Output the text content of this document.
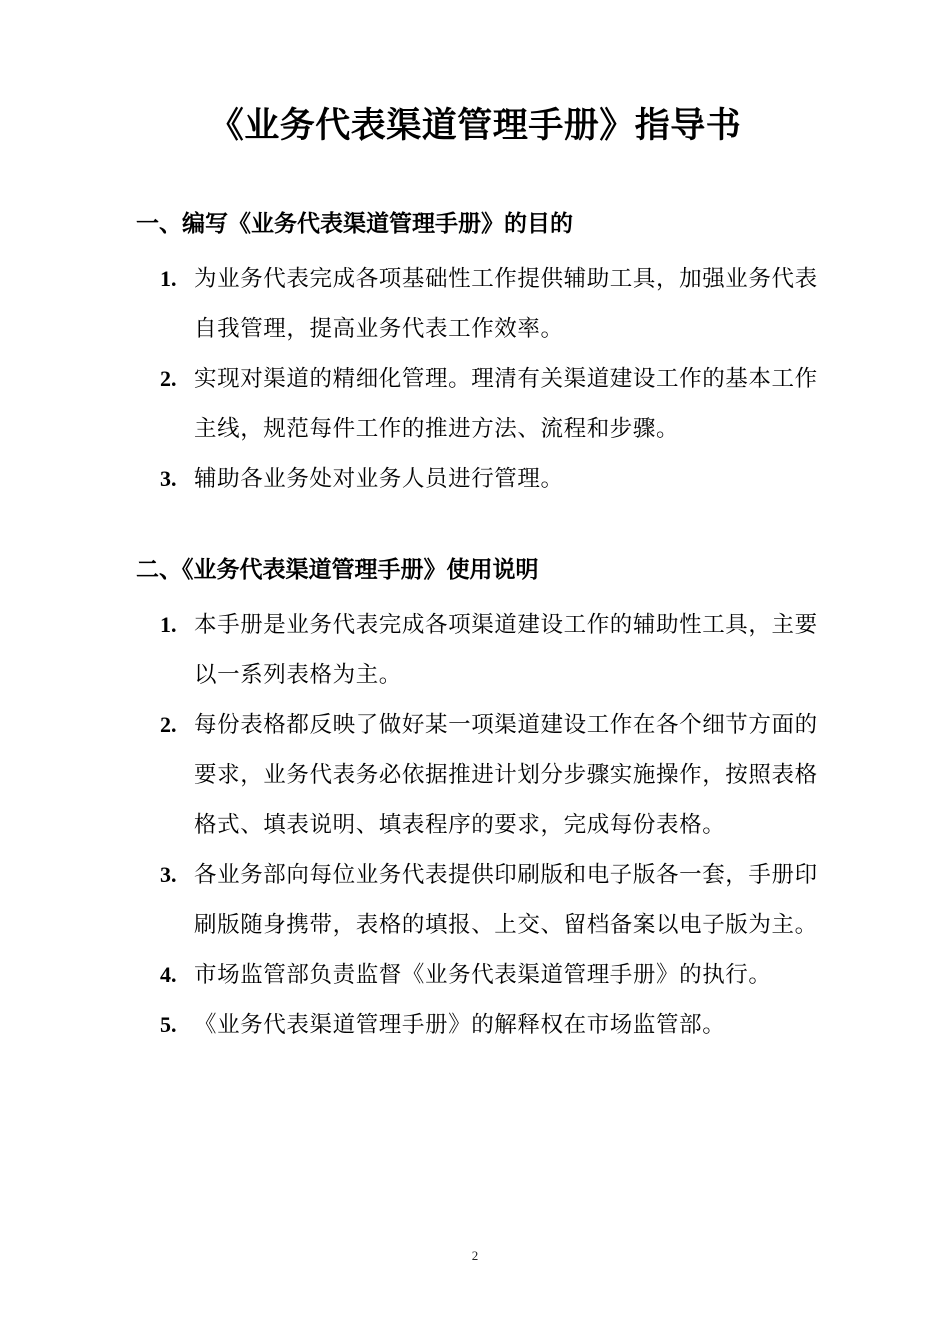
《业务代表渠道管理手册》指导书
一、编写《业务代表渠道管理手册》的目的
1. 为业务代表完成各项基础性工作提供辅助工具，加强业务代表自我管理，提高业务代表工作效率。
2. 实现对渠道的精细化管理。理清有关渠道建设工作的基本工作主线，规范每件工作的推进方法、流程和步骤。
3. 辅助各业务处对业务人员进行管理。
二、《业务代表渠道管理手册》使用说明
1. 本手册是业务代表完成各项渠道建设工作的辅助性工具，主要以一系列表格为主。
2. 每份表格都反映了做好某一项渠道建设工作在各个细节方面的要求，业务代表务必依据推进计划分步骤实施操作，按照表格格式、填表说明、填表程序的要求，完成每份表格。
3. 各业务部向每位业务代表提供印刷版和电子版各一套，手册印刷版随身携带，表格的填报、上交、留档备案以电子版为主。
4. 市场监管部负责监督《业务代表渠道管理手册》的执行。
5. 《业务代表渠道管理手册》的解释权在市场监管部。
2
